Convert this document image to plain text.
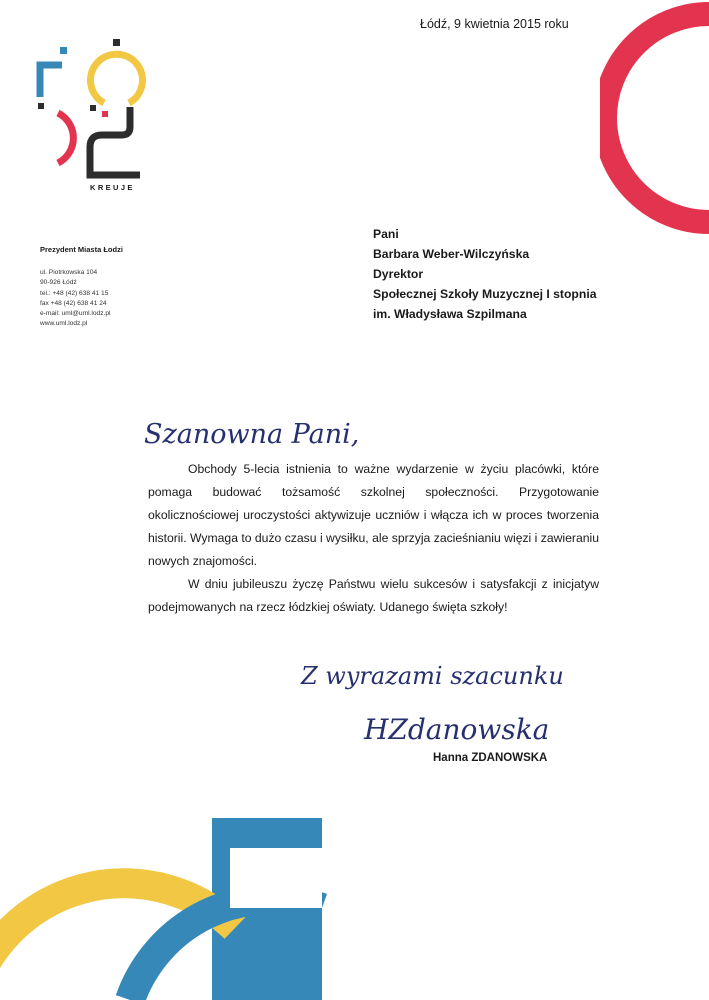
Łódź, 9 kwietnia 2015 roku
KREUJE
Prezydent Miasta Łodzi
ul. Piotrkowska 104
90-926 Łódź
tel.: +48 (42) 638 41 15
fax +48 (42) 638 41 24
e-mail: uml@uml.lodz.pl
www.uml.lodz.pl
Pani
Barbara Weber-Wilczyńska
Dyrektor
Społecznej Szkoły Muzycznej I stopnia
im. Władysława Szpilmana
Szanowna Pani,

Obchody 5-lecia istnienia to ważne wydarzenie w życiu placówki, które pomaga budować tożsamość szkolnej społeczności. Przygotowanie okolicznościowej uroczystości aktywizuje uczniów i włącza ich w proces tworzenia historii. Wymaga to dużo czasu i wysiłku, ale sprzyja zacieśnianiu więzi i zawieraniu nowych znajomości.

W dniu jubileuszu życzę Państwu wielu sukcesów i satysfakcji z inicjatyw podejmowanych na rzecz łódzkiej oświaty. Udanego święta szkoły!

Z wyrazami szacunku
HZdanowska
Hanna ZDANOWSKA
